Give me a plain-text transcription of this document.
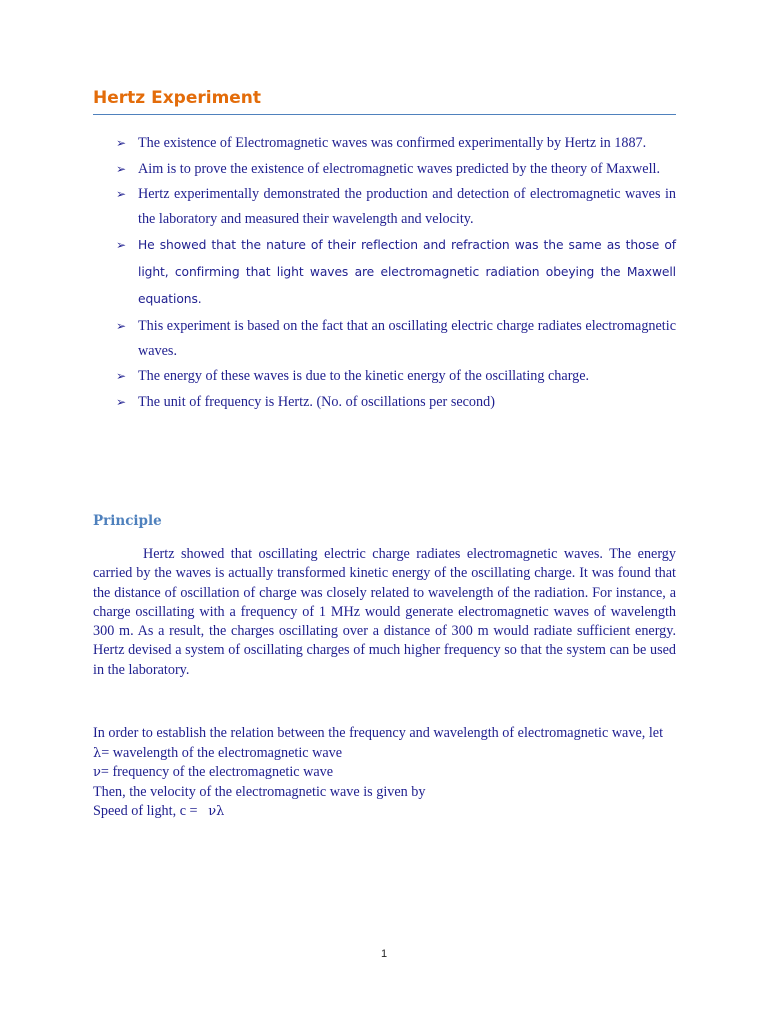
Hertz Experiment
➢ The existence of Electromagnetic waves was confirmed experimentally by Hertz in 1887.
➢ Aim is to prove the existence of electromagnetic waves predicted by the theory of Maxwell.
➢ Hertz experimentally demonstrated the production and detection of electromagnetic waves in the laboratory and measured their wavelength and velocity.
➢ He showed that the nature of their reflection and refraction was the same as those of light, confirming that light waves are electromagnetic radiation obeying the Maxwell equations.
➢ This experiment is based on the fact that an oscillating electric charge radiates electromagnetic waves.
➢ The energy of these waves is due to the kinetic energy of the oscillating charge.
➢ The unit of frequency is Hertz. (No. of oscillations per second)
Principle

Hertz showed that oscillating electric charge radiates electromagnetic waves. The energy carried by the waves is actually transformed kinetic energy of the oscillating charge. It was found that the distance of oscillation of charge was closely related to wavelength of the radiation. For instance, a charge oscillating with a frequency of 1 MHz would generate electromagnetic waves of wavelength 300 m. As a result, the charges oscillating over a distance of 300 m would radiate sufficient energy. Hertz devised a system of oscillating charges of much higher frequency so that the system can be used in the laboratory.

In order to establish the relation between the frequency and wavelength of electromagnetic wave, let
λ= wavelength of the electromagnetic wave
ν= frequency of the electromagnetic wave
Then, the velocity of the electromagnetic wave is given by
Speed of light, c = νλ
1
